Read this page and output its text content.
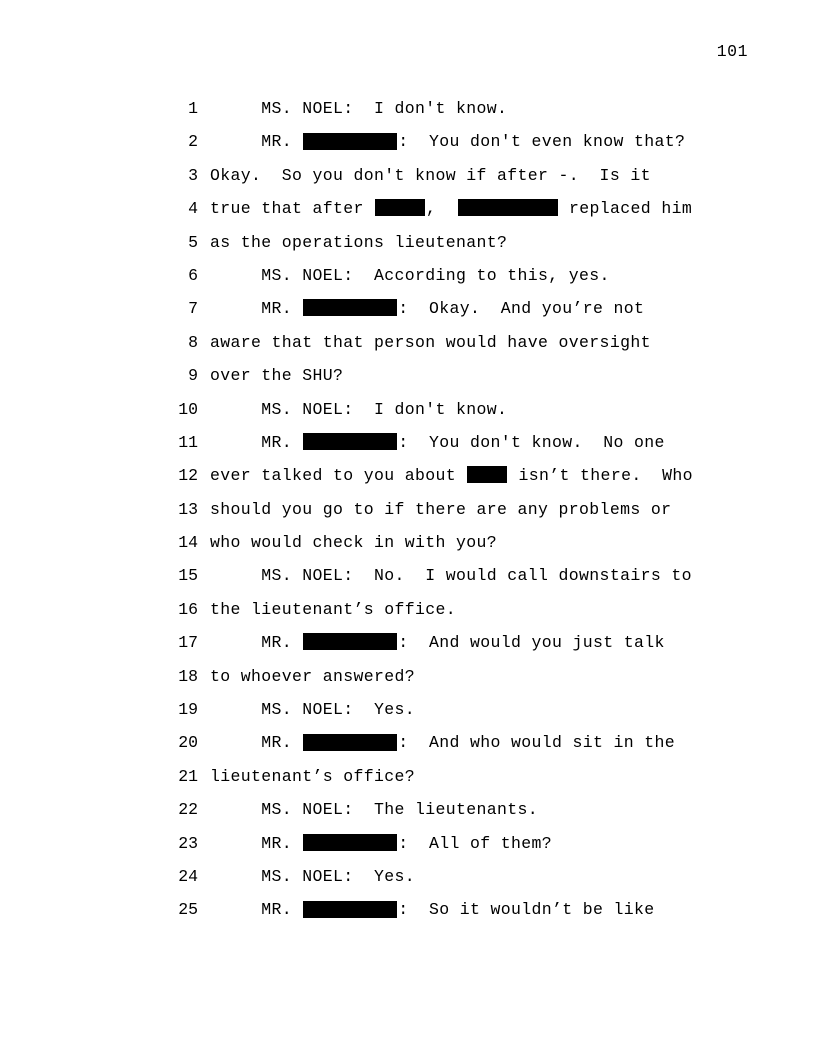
101
1 MS. NOEL:  I don't know.
2 MR.	:  You don't even know that?
3 Okay.  So you don't know if after -.  Is it
4 true that after	,	replaced him
5 as the operations lieutenant?
6 MS. NOEL:  According to this, yes.
7 MR.	:  Okay.  And you’re not
8 aware that that person would have oversight
9 over the SHU?
10 MS. NOEL:  I don't know.
11 MR.	:  You don't know.  No one
12 ever talked to you about	isn’t there.  Who
13 should you go to if there are any problems or
14 who would check in with you?
15 MS. NOEL:  No.  I would call downstairs to
16 the lieutenant’s office.
17 MR.	:  And would you just talk
18 to whoever answered?
19 MS. NOEL:  Yes.
20 MR.	:  And who would sit in the
21 lieutenant’s office?
22 MS. NOEL:  The lieutenants.
23 MR.	:  All of them?
24 MS. NOEL:  Yes.
25 MR.	:  So it wouldn’t be like
